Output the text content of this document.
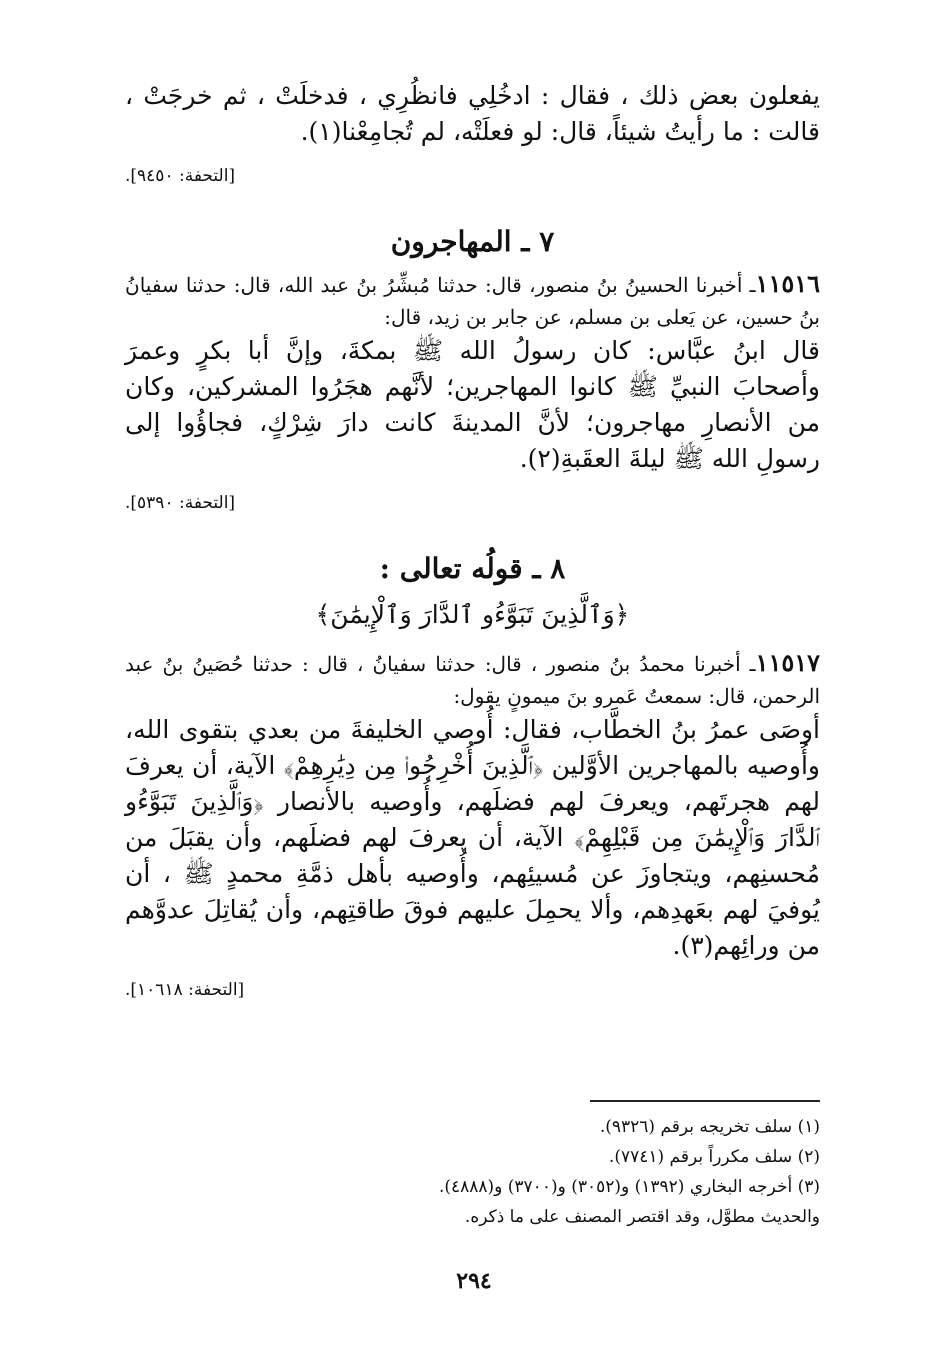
يفعلون بعض ذلك ، فقال : ادخُلِي فانظُرِي ، فدخلَتْ ، ثم خرجَتْ ، قالت : ما رأيتُ شيئاً، قال: لو فعلَتْه، لم تُجامِعْنا(١).

[التحفة: ٩٤٥٠].

٧ ـ المهاجرون

١١٥١٦ـ أخبرنا الحسينُ بنُ منصور، قال: حدثنا مُبشِّرُ بنُ عبد الله، قال: حدثنا سفيانُ بنُ حسين، عن يَعلى بن مسلم، عن جابر بن زيد، قال:

قال ابنُ عبَّاس: كان رسولُ الله ﷺ بمكةَ، وإنَّ أبا بكرٍ وعمرَ وأصحابَ النبيِّ ﷺ كانوا المهاجرين؛ لأنَّهم هجَرُوا المشركين، وكان من الأنصارِ مهاجرون؛ لأنَّ المدينةَ كانت دارَ شِرْكٍ، فجاؤُوا إلى رسولِ الله ﷺ ليلةَ العقَبةِ(٢).

[التحفة: ٥٣٩٠].

٨ ـ قولُه تعالى :
﴿وَٱلَّذِينَ تَبَوَّءُو ٱلدَّارَ وَٱلْإِيمَٰنَ﴾

١١٥١٧ـ أخبرنا محمدُ بنُ منصور ، قال: حدثنا سفيانُ ، قال : حدثنا حُصَينُ بنُ عبد الرحمن، قال: سمعتُ عَمرو بنَ ميمونٍ يقول:

أوصَى عمرُ بنُ الخطَّاب، فقال: أُوصي الخليفةَ من بعدي بتقوى الله، وأُوصيه بالمهاجرين الأوَّلين ﴿ٱلَّذِينَ أُخْرِجُوا۟ مِن دِيَٰرِهِمْ﴾ الآية، أن يعرفَ لهم هجرتَهم، ويعرفَ لهم فضلَهم، وأُوصيه بالأنصار ﴿وَٱلَّذِينَ تَبَوَّءُو ٱلدَّارَ وَٱلْإِيمَٰنَ مِن قَبْلِهِمْ﴾ الآية، أن يعرفَ لهم فضلَهم، وأن يقبَلَ من مُحسنِهم، ويتجاوزَ عن مُسيئِهم، وأُوصيه بأهل ذمَّةِ محمدٍ ﷺ ، أن يُوفيَ لهم بعَهدِهم، وألا يحمِلَ عليهم فوقَ طاقتِهم، وأن يُقاتِلَ عدوَّهم من ورائِهم(٣).

[التحفة: ١٠٦١٨].

(١) سلف تخريجه برقم (٩٣٢٦).

(٢) سلف مكرراً برقم (٧٧٤١).

(٣) أخرجه البخاري (١٣٩٢) و(٣٠٥٢) و(٣٧٠٠) و(٤٨٨٨).

والحديث مطوَّل، وقد اقتصر المصنف على ما ذكره.

٢٩٤
